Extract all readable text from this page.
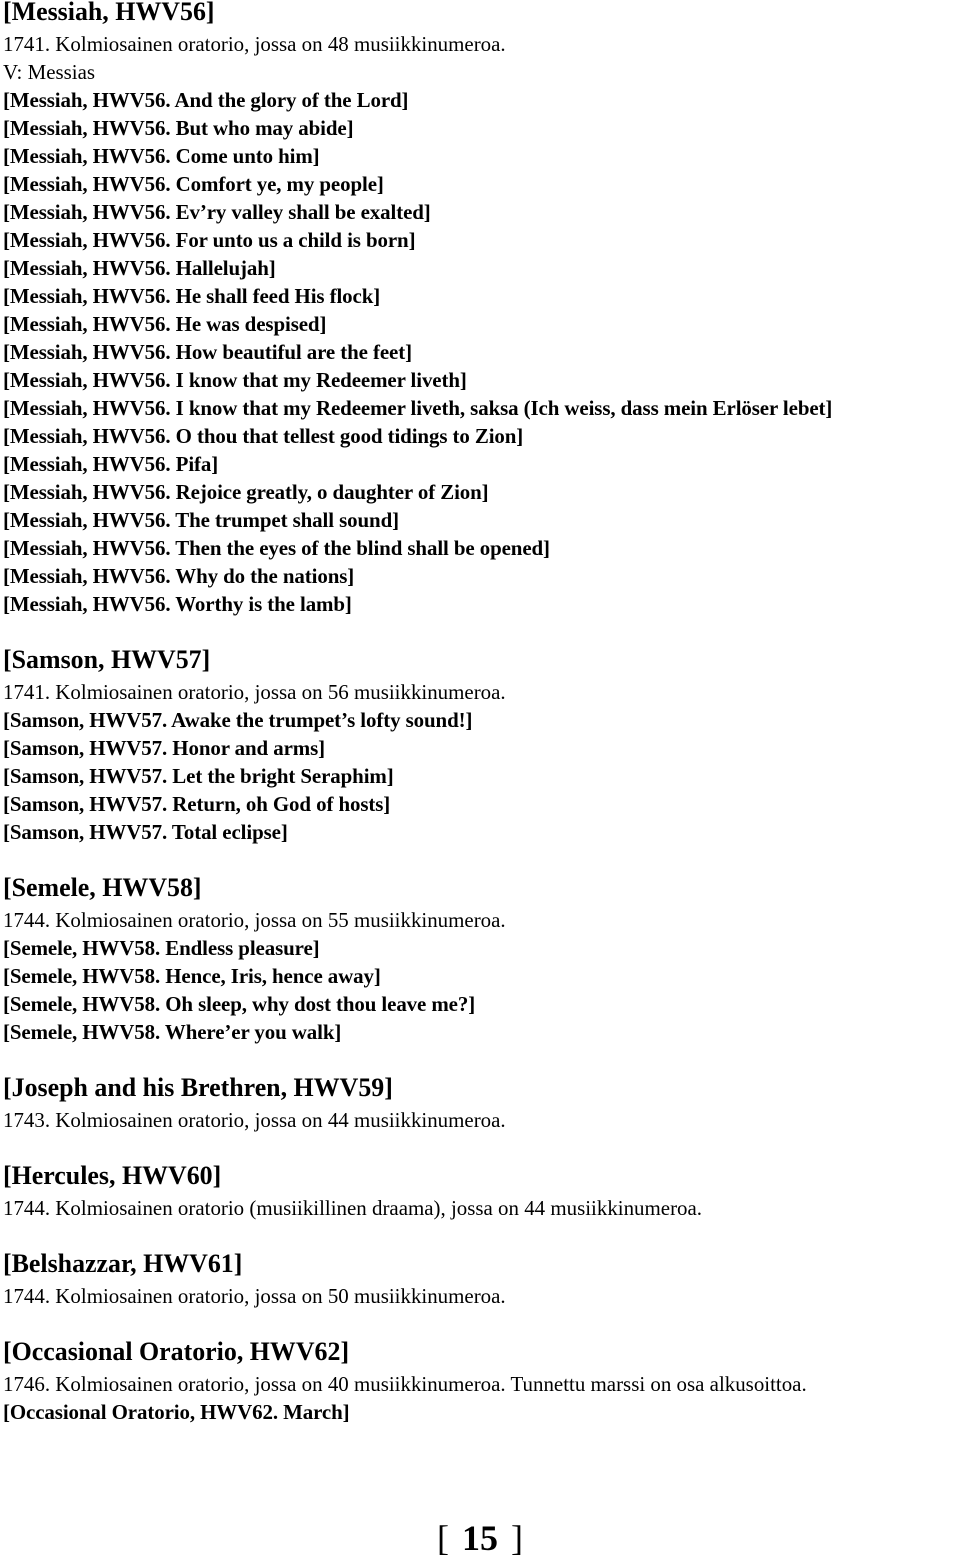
[Messiah, HWV56]
1741. Kolmiosainen oratorio, jossa on 48 musiikkinumeroa.
V: Messias
[Messiah, HWV56. And the glory of the Lord]
[Messiah, HWV56. But who may abide]
[Messiah, HWV56. Come unto him]
[Messiah, HWV56. Comfort ye, my people]
[Messiah, HWV56. Ev’ry valley shall be exalted]
[Messiah, HWV56. For unto us a child is born]
[Messiah, HWV56. Hallelujah]
[Messiah, HWV56. He shall feed His flock]
[Messiah, HWV56. He was despised]
[Messiah, HWV56. How beautiful are the feet]
[Messiah, HWV56. I know that my Redeemer liveth]
[Messiah, HWV56. I know that my Redeemer liveth, saksa (Ich weiss, dass mein Erlöser lebet]
[Messiah, HWV56. O thou that tellest good tidings to Zion]
[Messiah, HWV56. Pifa]
[Messiah, HWV56. Rejoice greatly, o daughter of Zion]
[Messiah, HWV56. The trumpet shall sound]
[Messiah, HWV56. Then the eyes of the blind shall be opened]
[Messiah, HWV56. Why do the nations]
[Messiah, HWV56. Worthy is the lamb]
[Samson, HWV57]
1741. Kolmiosainen oratorio, jossa on 56 musiikkinumeroa.
[Samson, HWV57. Awake the trumpet’s lofty sound!]
[Samson, HWV57. Honor and arms]
[Samson, HWV57. Let the bright Seraphim]
[Samson, HWV57. Return, oh God of hosts]
[Samson, HWV57. Total eclipse]
[Semele, HWV58]
1744. Kolmiosainen oratorio, jossa on 55 musiikkinumeroa.
[Semele, HWV58. Endless pleasure]
[Semele, HWV58. Hence, Iris, hence away]
[Semele, HWV58. Oh sleep, why dost thou leave me?]
[Semele, HWV58. Where’er you walk]
[Joseph and his Brethren, HWV59]
1743. Kolmiosainen oratorio, jossa on 44 musiikkinumeroa.
[Hercules, HWV60]
1744. Kolmiosainen oratorio (musiikillinen draama), jossa on 44 musiikkinumeroa.
[Belshazzar, HWV61]
1744. Kolmiosainen oratorio, jossa on 50 musiikkinumeroa.
[Occasional Oratorio, HWV62]
1746. Kolmiosainen oratorio, jossa on 40 musiikkinumeroa. Tunnettu marssi on osa alkusoittoa.
[Occasional Oratorio, HWV62. March]
[ 15 ]
